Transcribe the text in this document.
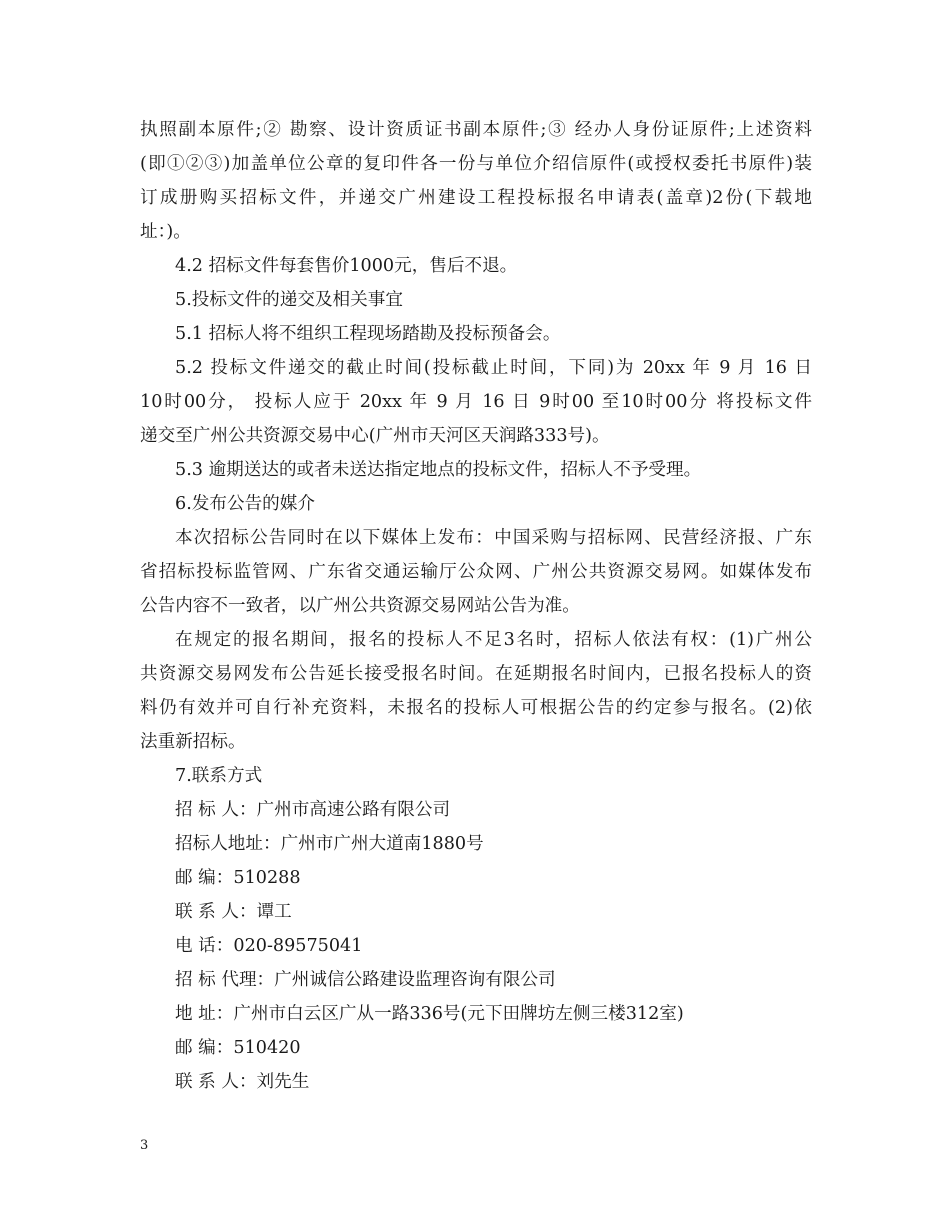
执照副本原件;② 勘察、设计资质证书副本原件;③ 经办人身份证原件;上述资料
(即①②③)加盖单位公章的复印件各一份与单位介绍信原件(或授权委托书原件)装
订成册购买招标文件，并递交广州建设工程投标报名申请表(盖章)2份(下载地
址：)。
4.2 招标文件每套售价1000元，售后不退。
5.投标文件的递交及相关事宜
5.1 招标人将不组织工程现场踏勘及投标预备会。
5.2 投标文件递交的截止时间(投标截止时间，下同)为 20xx 年 9 月 16 日
10时00分， 投标人应于 20xx 年 9 月 16 日 9时00 至10时00分 将投标文件
递交至广州公共资源交易中心(广州市天河区天润路333号)。
5.3 逾期送达的或者未送达指定地点的投标文件，招标人不予受理。
6.发布公告的媒介
本次招标公告同时在以下媒体上发布：中国采购与招标网、民营经济报、广东
省招标投标监管网、广东省交通运输厅公众网、广州公共资源交易网。如媒体发布
公告内容不一致者，以广州公共资源交易网站公告为准。
在规定的报名期间，报名的投标人不足3名时，招标人依法有权：(1)广州公
共资源交易网发布公告延长接受报名时间。在延期报名时间内，已报名投标人的资
料仍有效并可自行补充资料，未报名的投标人可根据公告的约定参与报名。(2)依
法重新招标。
7.联系方式
招 标 人：广州市高速公路有限公司
招标人地址：广州市广州大道南1880号
邮 编：510288
联 系 人：谭工
电 话：020-89575041
招 标 代理：广州诚信公路建设监理咨询有限公司
地 址：广州市白云区广从一路336号(元下田牌坊左侧三楼312室)
邮 编：510420
联 系 人：刘先生
3
